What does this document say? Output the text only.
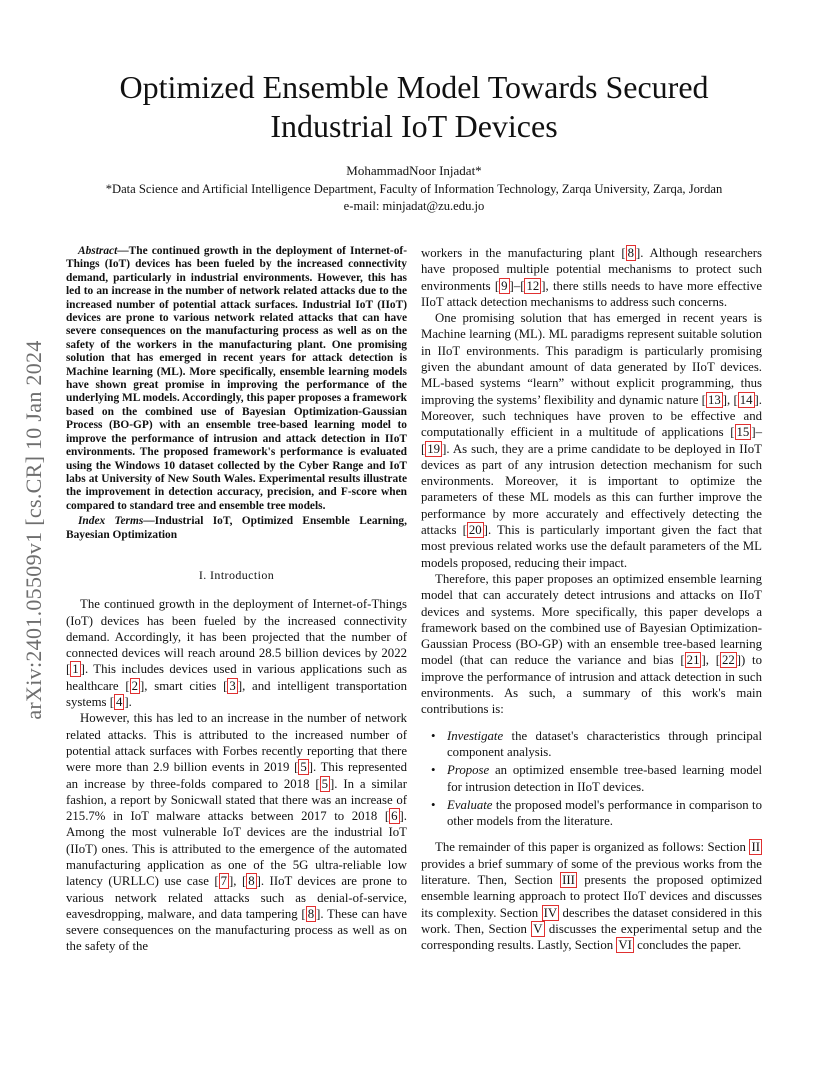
arXiv:2401.05509v1 [cs.CR] 10 Jan 2024
Optimized Ensemble Model Towards Secured
Industrial IoT Devices
MohammadNoor Injadat*
*Data Science and Artificial Intelligence Department, Faculty of Information Technology, Zarqa University, Zarqa, Jordan
e-mail: minjadat@zu.edu.jo

Abstract—The continued growth in the deployment of Internet-of-Things (IoT) devices has been fueled by the increased connectivity demand, particularly in industrial environments. However, this has led to an increase in the number of network related attacks due to the increased number of potential attack surfaces. Industrial IoT (IIoT) devices are prone to various network related attacks that can have severe consequences on the manufacturing process as well as on the safety of the workers in the manufacturing plant. One promising solution that has emerged in recent years for attack detection is Machine learning (ML). More specifically, ensemble learning models have shown great promise in improving the performance of the underlying ML models. Accordingly, this paper proposes a framework based on the combined use of Bayesian Optimization-Gaussian Process (BO-GP) with an ensemble tree-based learning model to improve the performance of intrusion and attack detection in IIoT environments. The proposed framework's performance is evaluated using the Windows 10 dataset collected by the Cyber Range and IoT labs at University of New South Wales. Experimental results illustrate the improvement in detection accuracy, precision, and F-score when compared to standard tree and ensemble tree models.

Index Terms—Industrial IoT, Optimized Ensemble Learning, Bayesian Optimization

I. Introduction

The continued growth in the deployment of Internet-of-Things (IoT) devices has been fueled by the increased connectivity demand. Accordingly, it has been projected that the number of connected devices will reach around 28.5 billion devices by 2022 [ 1 ]. This includes devices used in various applications such as healthcare [ 2 ], smart cities [ 3 ], and intelligent transportation systems [ 4 ].

However, this has led to an increase in the number of network related attacks. This is attributed to the increased number of potential attack surfaces with Forbes recently reporting that there were more than 2.9 billion events in 2019 [ 5 ]. This represented an increase by three-folds compared to 2018 [ 5 ]. In a similar fashion, a report by Sonicwall stated that there was an increase of 215.7% in IoT malware attacks between 2017 to 2018 [ 6 ]. Among the most vulnerable IoT devices are the industrial IoT (IIoT) ones. This is attributed to the emergence of the automated manufacturing application as one of the 5G ultra-reliable low latency (URLLC) use case [ 7 ], [ 8 ]. IIoT devices are prone to various network related attacks such as denial-of-service, eavesdropping, malware, and data tampering [ 8 ]. These can have severe consequences on the manufacturing process as well as on the safety of the

workers in the manufacturing plant [ 8 ]. Although researchers have proposed multiple potential mechanisms to protect such environments [ 9 ]–[ 12 ], there stills needs to have more effective IIoT attack detection mechanisms to address such concerns.

One promising solution that has emerged in recent years is Machine learning (ML). ML paradigms represent suitable solution in IIoT environments. This paradigm is particularly promising given the abundant amount of data generated by IIoT devices. ML-based systems “learn” without explicit programming, thus improving the systems’ flexibility and dynamic nature [ 13 ], [ 14 ]. Moreover, such techniques have proven to be effective and computationally efficient in a multitude of applications [ 15 ]–[ 19 ]. As such, they are a prime candidate to be deployed in IIoT devices as part of any intrusion detection mechanism for such environments. Moreover, it is important to optimize the parameters of these ML models as this can further improve the performance by more accurately and effectively detecting the attacks [ 20 ]. This is particularly important given the fact that most previous related works use the default parameters of the ML models proposed, reducing their impact.

Therefore, this paper proposes an optimized ensemble learning model that can accurately detect intrusions and attacks on IIoT devices and systems. More specifically, this paper develops a framework based on the combined use of Bayesian Optimization-Gaussian Process (BO-GP) with an ensemble tree-based learning model (that can reduce the variance and bias [ 21 ], [ 22 ]) to improve the performance of intrusion and attack detection in such environments. As such, a summary of this work's main contributions is:

• Investigate the dataset's characteristics through principal component analysis.
• Propose an optimized ensemble tree-based learning model for intrusion detection in IIoT devices.
• Evaluate the proposed model's performance in comparison to other models from the literature.

The remainder of this paper is organized as follows: Section II provides a brief summary of some of the previous works from the literature. Then, Section III presents the proposed optimized ensemble learning approach to protect IIoT devices and discusses its complexity. Section IV describes the dataset considered in this work. Then, Section V discusses the experimental setup and the corresponding results. Lastly, Section VI concludes the paper.
